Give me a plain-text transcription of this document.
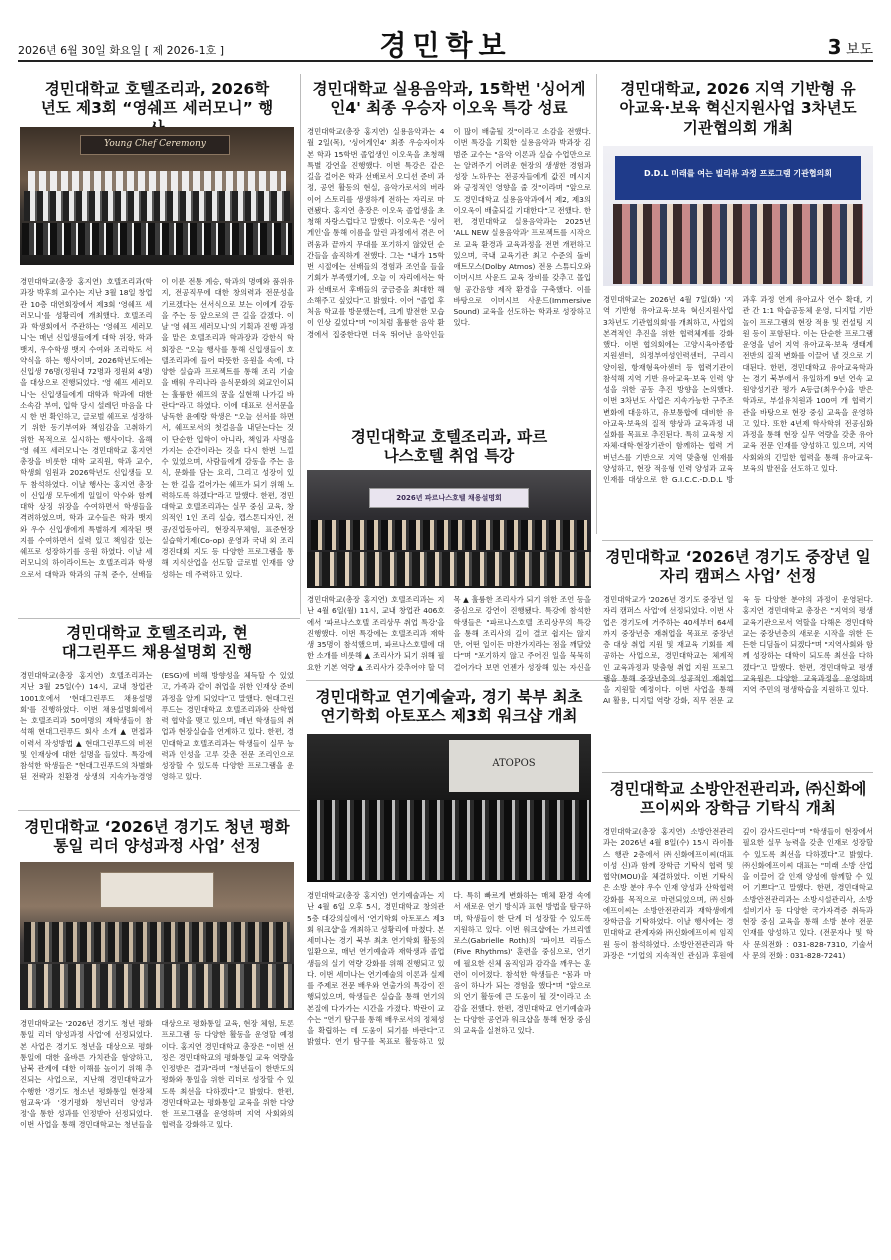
2026년 6월 30일 화요일 [ 제 2026-1호 ]	경민학보	3 보도
경민대학교 호텔조리과, 2026학년도 제3회 “영쉐프 세러모니” 행
Young Chef Ceremony
경민대학교(총장 홍지연) 호텔조리과(학과장 박후희 교수)는 지난 3월 18일 창업관 10층 대연회장에서 제3회 '영쉐프 세러모니'를 성황리에 개최했다. 호텔조리과 학생회에서 주관하는 '영쉐프 세러모니'는 매년 신입생들에게 대학 위장, 학과 뱃지, 우수학생 뱃지 수여와 조리학도 서약식을 하는 행사이며, 2026학년도에는 신입생 76명(정원내 72명과 정원외 4명)을 대상으로 진행되었다. '영 쉐프 세러모니'는 신입생들에게 대학과 학과에 대한 소속감 부여, 입학 당시 설레던 마음을 다시 한 번 확인하고, 글로벌 쉐프로 성장하기 위한 동기부여와 책임감을 고취하기 위한 목적으로 실시하는 행사이다. 올해 '영 쉐프 세러모니'는 경민대학교 홍지연 총장을 비롯한 대학 교직원, 학과 교수, 학생회 임원과 2026학년도 신입생들 모두 참석하였다. 이날 행사는 홍지연 총장이 신입생 모두에게 일일이 악수와 함께 대학 상징 위장을 수여하면서 학생들을 격려하였으며, 학과 교수들은 학과 뱃지와 우수 신입생에게 특별하게 제작된 뱃지를 수여하면서 실력 있고 책임감 있는 쉐프로 성장하기를 응원 하였다. 이날 세러모니의 하이라이트는 호텔조리과 학생으로서 대학과 학과의 규칙 준수, 선배들이 이룬 전통 계승, 학과의 명예와 품위유지, 전공직무에 대한 창의력과 전문성을 기르겠다는 선서식으로 보는 이에게 감동을 주는 등 앞으로의 큰 길을 갈겠다. 이날 '영 쉐프 세러모니'의 기획과 진행 과정을 맡은 호텔조리과 학과장과 강한식 학회장은 "오늘 행사를 통해 신입생들이 호텔조리과에 들어 따뜻한 응원을 속에, 다양한 실습과 프로젝트를 통해 조리 기술을 배워 우리나라 음식문화의 외교인이되는 훌륭한 쉐프의 꿈을 실현해 나가길 바란다"라고 하였다. 이에 대표로 선서문을 낭독한 윤예랑 학생은 "오늘 선서를 하면서, 쉐프로서의 첫걸음을 내딛는다는 것이 단순한 입학이 아니라, 책임과 사명을 가지는 순간이라는 것을 다시 한번 느낄 수 있었으며, 사람들에게 감동을 주는 음식, 문화를 담는 요리, 그리고 성장이 있는 한 길을 걸어가는 쉐프가 되기 위해 노력하도록 하겠다"라고 말했다. 한편, 경민대학교 호텔조리과는 실무 중심 교육, 창의적인 1인 조리 실습, 캡스톤디자인, 전공/진업동아리, 현장직무체험, 표준현장실습학기제(Co-op) 운영과 국내 외 조리경진대회 지도 등 다양한 프로그램을 통해 지식산업을 선도할 글로벌 인재를 양성하는 데 주력하고 있다.
경민대학교 실용음악과, 15학번 '싱어게인4' 최종 우승자 이오욱 특강 성료
경민대학교(총장 홍지연) 실용음악과는 4월 2일(목), '싱어게인4' 최종 우승자이자 본 학과 15학번 졸업생인 이오욱을 초청해 특별 강연을 진행했다. 이번 특강은 같은 길을 걸어온 학과 선배로서 오디션 준비 과정, 공연 활동의 현실, 음악가로서의 버라이어 스토리를 생생하게 전하는 자리로 마련됐다. 홍지연 총장은 이오욱 졸업생을 초청해 자랑스럽다고 말했다. 이오욱은 '싱어게인'을 통해 이름을 알린 과정에서 겪은 어려움과 끝까지 무대를 포기하지 않았던 순간들을 솔직하게 전했다. 그는 "내가 15학번 시절에는 선배들의 경험과 조언을 들을 기회가 부족했기에, 오늘 이 자리에서는 학과 선배로서 후배들의 궁금증을 최대한 해소해주고 싶었다"고 밝혔다. 이어 "졸업 후 처음 학교를 방문했는데, 크게 발전한 모습이 인상 깊었다"며 "이처럼 훌륭한 음악 환경에서 집중한다면 더욱 뛰어난 음악인들이 많이 배출될 것"이라고 소감을 전했다. 이번 특강을 기획한 실용음악과 박과장 김범준 교수는 "음악 이론과 실습 수업만으로는 알려주기 어려운 현장의 생생한 경험과 성장 노하우는 전공자들에게 값진 메시지와 긍정적인 영향을 줄 것"이라며 "앞으로도 경민대학교 실용음악과에서 제2, 제3의 이오욱이 배출되길 기대한다"고 전했다. 한편, 경민대학교 실용음악과는 2025년 'ALL NEW 실용음악과' 프로젝트를 시작으로 교육 환경과 교육과정을 전면 개편하고 있으며, 국내 교육기관 최고 수준의 돌비 애트모스(Dolby Atmos) 전용 스튜디오와 이머시브 사운드 교육 장비를 갖추고 몰입형 공간음향 제작 환경을 구축했다. 이를 바탕으로 이머시브 사운드(Immersive Sound) 교육을 선도하는 학과로 성장하고 있다.
경민대학교 호텔조리과, 파르나스호텔 취업 특강
2026년 파르나스호텔 채용설명회
경민대학교(총장 홍지연) 호텔조리과는 지난 4월 6일(월) 11시, 교내 창업관 406호에서 '파르나스호텔 조리상무 취업 특강'을 진행했다. 이번 특강에는 호텔조리과 재학생 35명이 참석했으며, 파르나스호텔에 대한 소개를 비롯해 ▲ 조리사가 되기 위해 필요한 기본 역량 ▲ 조리사가 갖추어야 할 덕목 ▲ 훌륭한 조리사가 되기 위한 조언 등을 중심으로 강연이 진행됐다. 특강에 참석한 학생들은 "파르나스호텔 조리상무의 특강을 통해 조리사의 길이 결코 쉽지는 않지만, 어떤 일이든 마찬가지라는 점을 깨달았다"며 "포기하지 않고 주어진 일을 묵묵히 걸어가다 보면 언젠가 성장해 있는 자신을
경민대학교, 2026 지역 기반형 유아교육·보육 혁신지원사업 3차년도 기관협의회 개최
D.D.L 미래를 여는 빌리뷰 과정 프로그램 기관협의회
경민대학교는 2026년 4월 7일(화) '지역 기반형 유아교육·보육 혁신지원사업 3차년도 기관협의회'를 개최하고, 사업의 본격적인 추진을 위한 협력체계를 강화했다. 이번 협의회에는 고양시육아종합지원센터, 의정부여성인력센터, 구리시양이원, 항재형육아센터 등 협력기관이 참석해 지역 기반 유아교육·보육 인력 양성을 위한 공동 추진 방향을 논의했다. 이번 3차년도 사업은 지속가능한 구주조 변화에 대응하고, 유보통합에 대비한 유아교육·보육의 질적 향상과 교육과정 내실화를 목표로 추진된다. 특히 교육청 지자체·대학·현장기관이 함께하는 협력 거버넌스를 기반으로 지역 맞춤형 인재를 양성하고, 현장 적응형 인력 양성과 교육 인재를 대상으로 한 G.I.C.C.-D.D.L 방과후 과정 연계 유아교사 연수 확대, 기관 간 1:1 학습공동체 운영, 디지털 기반 놀이 프로그램의 현장 적용 및 컨설팅 지원 등이 포함된다. 이는 단순한 프로그램 운영을 넘어 지역 유아교육·보육 생태계 전반의 질적 변화를 이끌어 낼 것으로 기대된다. 한편, 경민대학교 유아교육학과는 경기 북부에서 유일하게 9년 연속 교원양성기관 평가 A등급(최우수)을 받은 학과로, 부설유치원과 100여 개 협력기관을 바탕으로 현장 중심 교육을 운영하고 있다. 또한 4년제 학사학위 전공심화과정을 통해 현장 실무 역량을 갖춘 유아교육 전문 인재를 양성하고 있으며, 지역사회와의 긴밀한 협력을 통해 유아교육·보육의 발전을 선도하고 있다.
경민대학교 호텔조리과, 현대그린푸드 채용설명회 진행
경민대학교(총장 홍지연) 호텔조리과는 지난 3월 25일(수) 14시, 교내 창업관 1001호에서 '현대그린푸드 채용설명회'를 진행하였다. 이번 채용설명회에서는 호텔조리과 50여명의 재학생들이 참석해 현대그린푸드 회사 소개 ▲ 면접과 이력서 작성방법 ▲ 현대그린푸드의 비전 및 인재상에 대한 설명을 들었다. 특강에 참석한 학생들은 "현대그린푸드의 차별화된 전략과 친환경 상생의 지속가능경영(ESG)에 비해 방향성을 체득할 수 있었고, 가족과 같이 취업을 위한 인재상 준비 과정을 알게 되었다"고 말했다. 현대그린푸드는 경민대학교 호텔조리과와 산학협력 협약을 맺고 있으며, 매년 학생들의 취업과 현장실습을 연계하고 있다. 한편, 경민대학교 호텔조리과는 학생들이 실무 능력과 인성을 고루 갖춘 전문 조리인으로 성장할 수 있도록 다양한 프로그램을 운영하고 있다.
경민대학교 연기예술과, 경기 북부 최초 연기학회 아토포스 제3회 워크샵 개최
ATOPOS
경민대학교(총장 홍지연) 연기예술과는 지난 4월 6일 오후 5시, 경민대학교 창의관 5층 대강의실에서 '연기학회 아토포스 제3회 워크샵'을 개최하고 성황리에 마쳤다. 본 세미나는 경기 북부 최초 연기학회 활동의 일환으로, 매년 연기예술과 재학생과 졸업생들의 실기 역량 강화를 위해 진행되고 있다. 이번 세미나는 연기예술의 이론과 실제를 주제로 전문 배우와 연출가의 특강이 진행되었으며, 학생들은 실습을 통해 연기의 본질에 다가가는 시간을 가졌다. 박란이 교수는 "연기 탐구를 통해 배우로서의 정체성을 확립하는 데 도움이 되기를 바란다"고 밝혔다. 연기 탐구를 목표로 활동하고 있다. 특히 빠르게 변화하는 매체 환경 속에서 새로운 연기 방식과 표현 방법을 탐구하며, 학생들이 한 단계 더 성장할 수 있도록 지원하고 있다. 이번 워크샵에는 가브리엘 로스(Gabrielle Roth)의 '파이브 리듬스(Five Rhythms)' 훈련을 중심으로, 연기에 필요한 신체 움직임과 감각을 깨우는 훈련이 이어졌다. 참석한 학생들은 "몸과 마음이 하나가 되는 경험을 했다"며 "앞으로의 연기 활동에 큰 도움이 될 것"이라고 소감을 전했다. 한편, 경민대학교 연기예술과는 다양한 공연과 워크샵을 통해 현장 중심의 교육을 실천하고 있다.
경민대학교 ‘2026년 경기도 청년 평화통일 리더 양성과정 사업’ 선정
경민대학교는 '2026년 경기도 청년 평화통일 리더 양성과정 사업'에 선정되었다. 본 사업은 경기도 청년을 대상으로 평화통일에 대한 올바른 가치관을 함양하고, 남북 관계에 대한 이해를 높이기 위해 추진되는 사업으로, 지난해 경민대학교가 수행한 '경기도 청소년 평화통일 현장체험교육'과 '경기평화 청년리더 양성과정'을 통한 성과를 인정받아 선정되었다. 이번 사업을 통해 경민대학교는 청년들을 대상으로 평화통일 교육, 현장 체험, 토론 프로그램 등 다양한 활동을 운영할 예정이다. 홍지연 경민대학교 총장은 "이번 선정은 경민대학교의 평화통일 교육 역량을 인정받은 결과"라며 "청년들이 한반도의 평화와 통일을 위한 리더로 성장할 수 있도록 최선을 다하겠다"고 밝혔다. 한편, 경민대학교는 평화통일 교육을 위한 다양한 프로그램을 운영하며 지역 사회와의 협력을 강화하고 있다.
경민대학교 ‘2026년 경기도 중장년 일자리 캠퍼스 사업’ 선정
경민대학교가 '2026년 경기도 중장년 일자리 캠퍼스 사업'에 선정되었다. 이번 사업은 경기도에 거주하는 40세부터 64세까지 중장년층 재취업을 목표로 중장년층 대상 취업 지원 및 재교육 기회를 제공하는 사업으로, 경민대학교는 체계적인 교육과정과 맞춤형 취업 지원 프로그램을 통해 중장년층의 성공적인 재취업을 지원할 예정이다. 이번 사업을 통해 AI 활용, 디지털 역량 강화, 직무 전문 교육 등 다양한 분야의 과정이 운영된다. 홍지연 경민대학교 총장은 "지역의 평생 교육기관으로서 역할을 다해온 경민대학교는 중장년층의 새로운 시작을 위한 든든한 디딤돌이 되겠다"며 "지역사회와 함께 성장하는 대학이 되도록 최선을 다하겠다"고 말했다. 한편, 경민대학교 평생교육원은 다양한 교육과정을 운영하며 지역 주민의 평생학습을 지원하고 있다.
경민대학교 소방안전관리과, ㈜신화에프이씨와 장학금 기탁식 개최
경민대학교(총장 홍지연) 소방안전관리과는 2026년 4월 8일(수) 15시 라이틀스 행관 2층에서 ㈜신화에프이씨(대표 이성 신)과 함께 장학금 기탁식 협력 및 협약(MOU)을 체결하였다. 이번 기탁식은 소방 분야 우수 인재 양성과 산학협력 강화를 목적으로 마련되었으며, ㈜신화에프이씨는 소방안전관리과 재학생에게 장학금을 기탁하였다. 이날 행사에는 경민대학교 관계자와 ㈜신화에프이씨 임직원 등이 참석하였다. 소방안전관리과 학과장은 "기업의 지속적인 관심과 후원에 깊이 감사드린다"며 "학생들이 현장에서 필요한 실무 능력을 갖춘 인재로 성장할 수 있도록 최선을 다하겠다"고 밝혔다. ㈜신화에프이씨 대표는 "미래 소방 산업을 이끌어 갈 인재 양성에 함께할 수 있어 기쁘다"고 말했다. 한편, 경민대학교 소방안전관리과는 소방시설관리사, 소방설비기사 등 다양한 국가자격증 취득과 현장 중심 교육을 통해 소방 분야 전문 인재를 양성하고 있다. (전문자나 및 학사 문의전화 : 031-828-7310, 기술서사 문의 전화 : 031-828-7241)
